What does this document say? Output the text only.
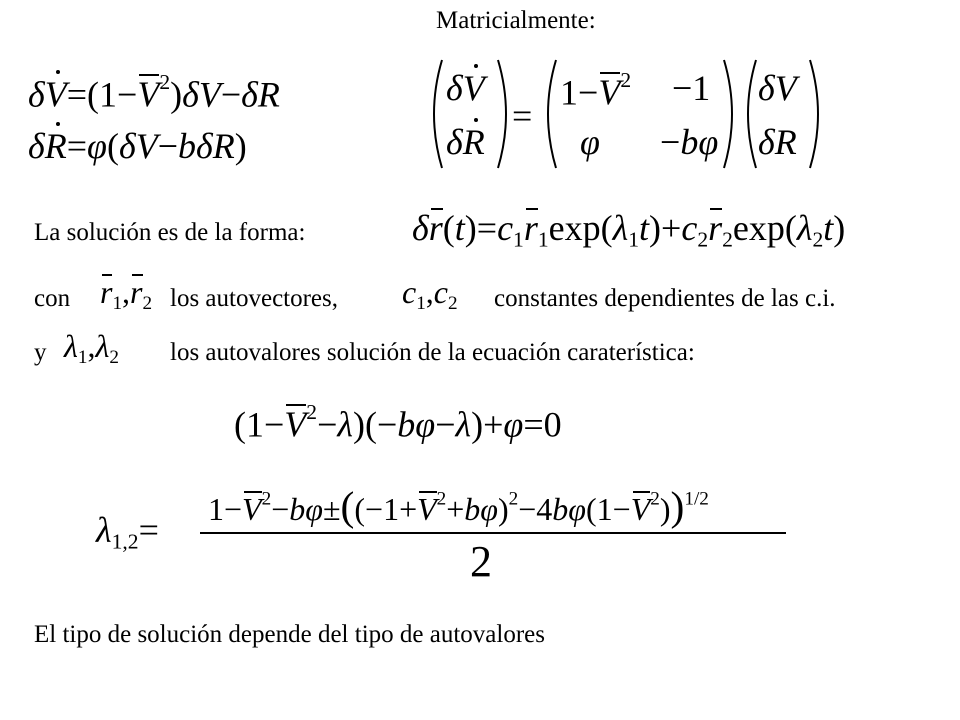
Matricialmente:
$\delta V=(1-V^2)\delta V-\delta R$
δR=φ(δV−bδR)
δV
δR
=
$1-V^2 -1$
φ −bφ
δV
δR
La solución es de la forma:	$\delta r(t)=c_1r_1\exp(\lambda_1t)+c_2r_2\exp(\lambda_2t)$
con $r_1,r_2$ los autovectores, $c_1,c_2$ constantes dependientes de las c.i.
y $\lambda_1,\lambda_2$ los autovalores solución de la ecuación caraterística:
$(1-V^2-\lambda)(-b\varphi-\lambda)+\varphi=0$
$\lambda_{1,2}=$
$1-V^2-b\varphi\pm((-1+V^2+b\varphi)^2-4b\varphi(1-V^2))^{1/2}$
2
El tipo de solución depende del tipo de autovalores
